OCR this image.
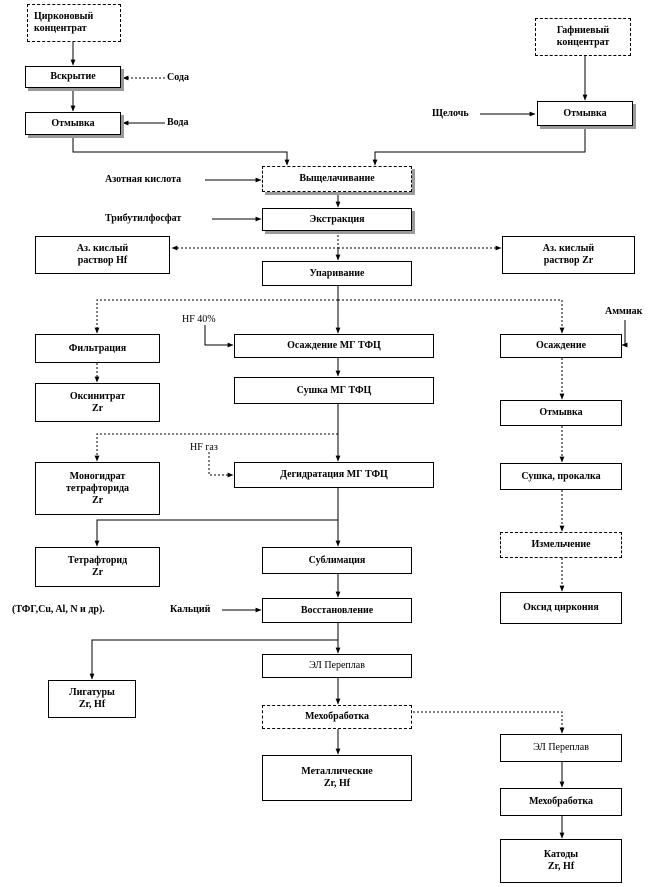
Цирконовый
концентрат
Вскрытие
Отмывка
Гафниевый
концентрат
Отмывка
Выщелачивание
Экстракция
Аз. кислый
раствор Hf
Аз. кислый
раствор Zr
Упаривание
Фильтрация	Осаждение МГ ТФЦ	Осаждение
Оксинитрат
Zr
Сушка МГ ТФЦ
Отмывка
Моногидрат
тетрафторида
Zr
Дегидратация МГ ТФЦ	Сушка, прокалка
Тетрафторид
Zr
Сублимация
Измельчение
Восстановление	Оксид циркония
ЭЛ Переплав
Лигатуры
Zr, Hf
Мехобработка
ЭЛ Переплав
Металлические
Zr, Hf
Мехобработка
Катоды
Zr, Hf
Сода
Вода
Щелочь
Азотная кислота
Трибутилфосфат
HF 40%
Аммиак
HF газ
(ТФГ,Cu, Al, N и др).	Кальций
